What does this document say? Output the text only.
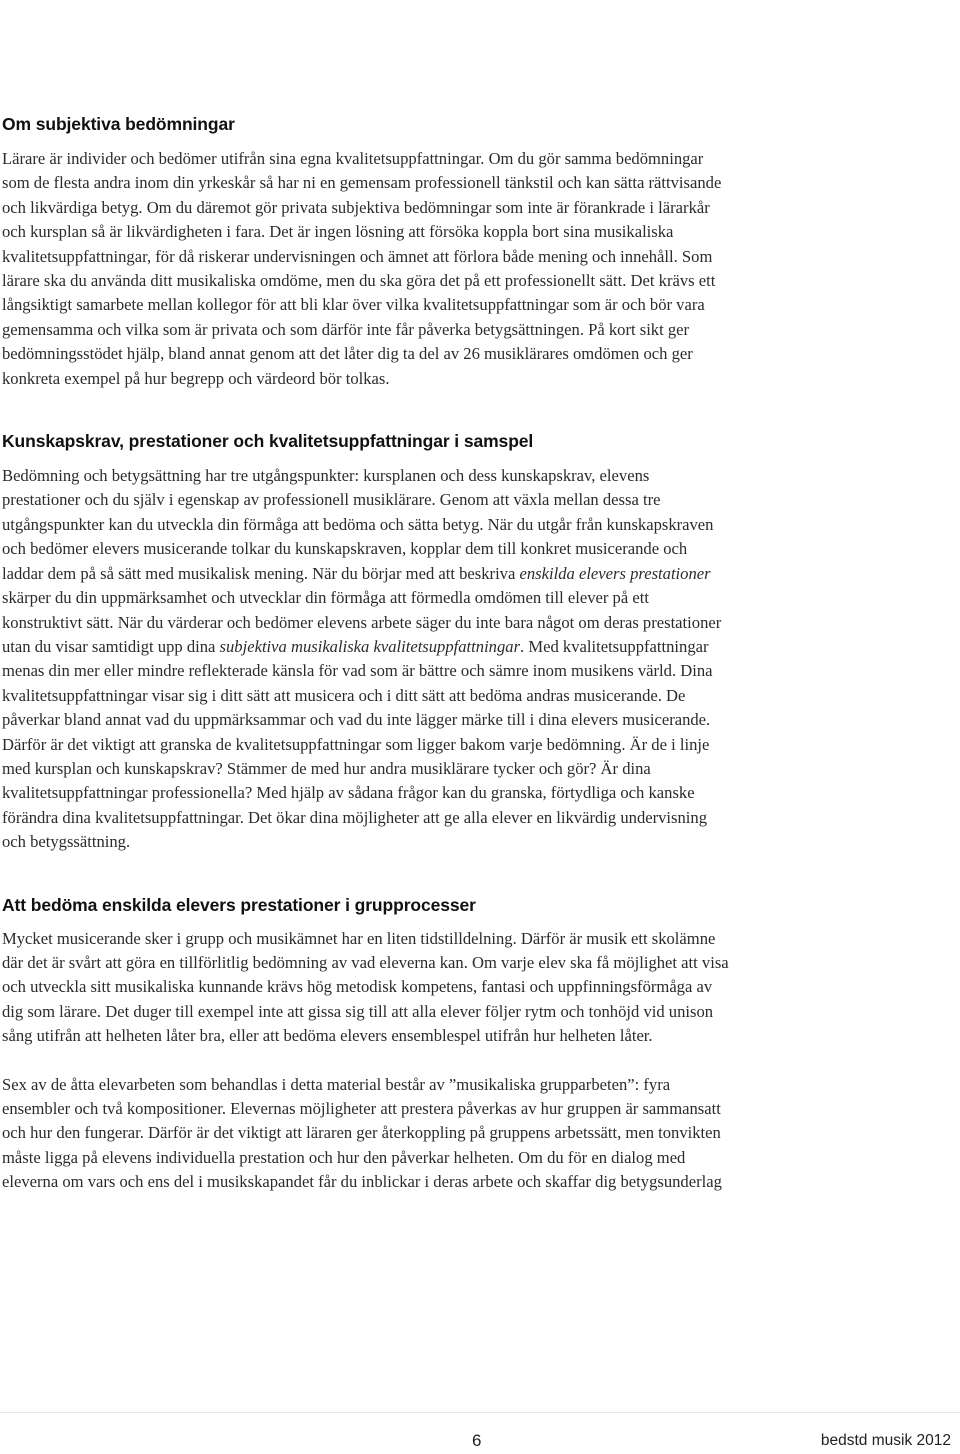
Om subjektiva bedömningar

Lärare är individer och bedömer utifrån sina egna kvalitetsuppfattningar. Om du gör samma bedömningar som de flesta andra inom din yrkeskår så har ni en gemensam professionell tänkstil och kan sätta rättvisande och likvärdiga betyg. Om du däremot gör privata subjektiva bedömningar som inte är förankrade i lärarkår och kursplan så är likvärdigheten i fara. Det är ingen lösning att försöka koppla bort sina musikaliska kvalitetsuppfattningar, för då riskerar undervisningen och ämnet att förlora både mening och innehåll. Som lärare ska du använda ditt musikaliska omdöme, men du ska göra det på ett professionellt sätt. Det krävs ett långsiktigt samarbete mellan kollegor för att bli klar över vilka kvalitetsuppfattningar som är och bör vara gemensamma och vilka som är privata och som därför inte får påverka betygsättningen. På kort sikt ger bedömningsstödet hjälp, bland annat genom att det låter dig ta del av 26 musiklärares omdömen och ger konkreta exempel på hur begrepp och värdeord bör tolkas.

Kunskapskrav, prestationer och kvalitetsuppfattningar i samspel

Bedömning och betygsättning har tre utgångspunkter: kursplanen och dess kunskapskrav, elevens prestationer och du själv i egenskap av professionell musiklärare. Genom att växla mellan dessa tre utgångspunkter kan du utveckla din förmåga att bedöma och sätta betyg. När du utgår från kunskapskraven och bedömer elevers musicerande tolkar du kunskapskraven, kopplar dem till konkret musicerande och laddar dem på så sätt med musikalisk mening. När du börjar med att beskriva enskilda elevers prestationer skärper du din uppmärksamhet och utvecklar din förmåga att förmedla omdömen till elever på ett konstruktivt sätt. När du värderar och bedömer elevens arbete säger du inte bara något om deras prestationer utan du visar samtidigt upp dina subjektiva musikaliska kvalitetsuppfattningar. Med kvalitetsuppfattningar menas din mer eller mindre reflekterade känsla för vad som är bättre och sämre inom musikens värld. Dina kvalitetsuppfattningar visar sig i ditt sätt att musicera och i ditt sätt att bedöma andras musicerande. De påverkar bland annat vad du uppmärksammar och vad du inte lägger märke till i dina elevers musicerande. Därför är det viktigt att granska de kvalitetsuppfattningar som ligger bakom varje bedömning. Är de i linje med kursplan och kunskapskrav? Stämmer de med hur andra musiklärare tycker och gör? Är dina kvalitetsuppfattningar professionella? Med hjälp av sådana frågor kan du granska, förtydliga och kanske förändra dina kvalitetsuppfattningar. Det ökar dina möjligheter att ge alla elever en likvärdig undervisning och betygssättning.

Att bedöma enskilda elevers prestationer i grupprocesser

Mycket musicerande sker i grupp och musikämnet har en liten tidstilldelning. Därför är musik ett skolämne där det är svårt att göra en tillförlitlig bedömning av vad eleverna kan. Om varje elev ska få möjlighet att visa och utveckla sitt musikaliska kunnande krävs hög metodisk kompetens, fantasi och uppfinningsförmåga av dig som lärare. Det duger till exempel inte att gissa sig till att alla elever följer rytm och tonhöjd vid unison sång utifrån att helheten låter bra, eller att bedöma elevers ensemblespel utifrån hur helheten låter.

Sex av de åtta elevarbeten som behandlas i detta material består av ”musikaliska grupparbeten”: fyra ensembler och två kompositioner. Elevernas möjligheter att prestera påverkas av hur gruppen är sammansatt och hur den fungerar. Därför är det viktigt att läraren ger återkoppling på gruppens arbetssätt, men tonvikten måste ligga på elevens individuella prestation och hur den påverkar helheten. Om du för en dialog med eleverna om vars och ens del i musikskapandet får du inblickar i deras arbete och skaffar dig betygsunderlag

6	bedstd musik 2012
